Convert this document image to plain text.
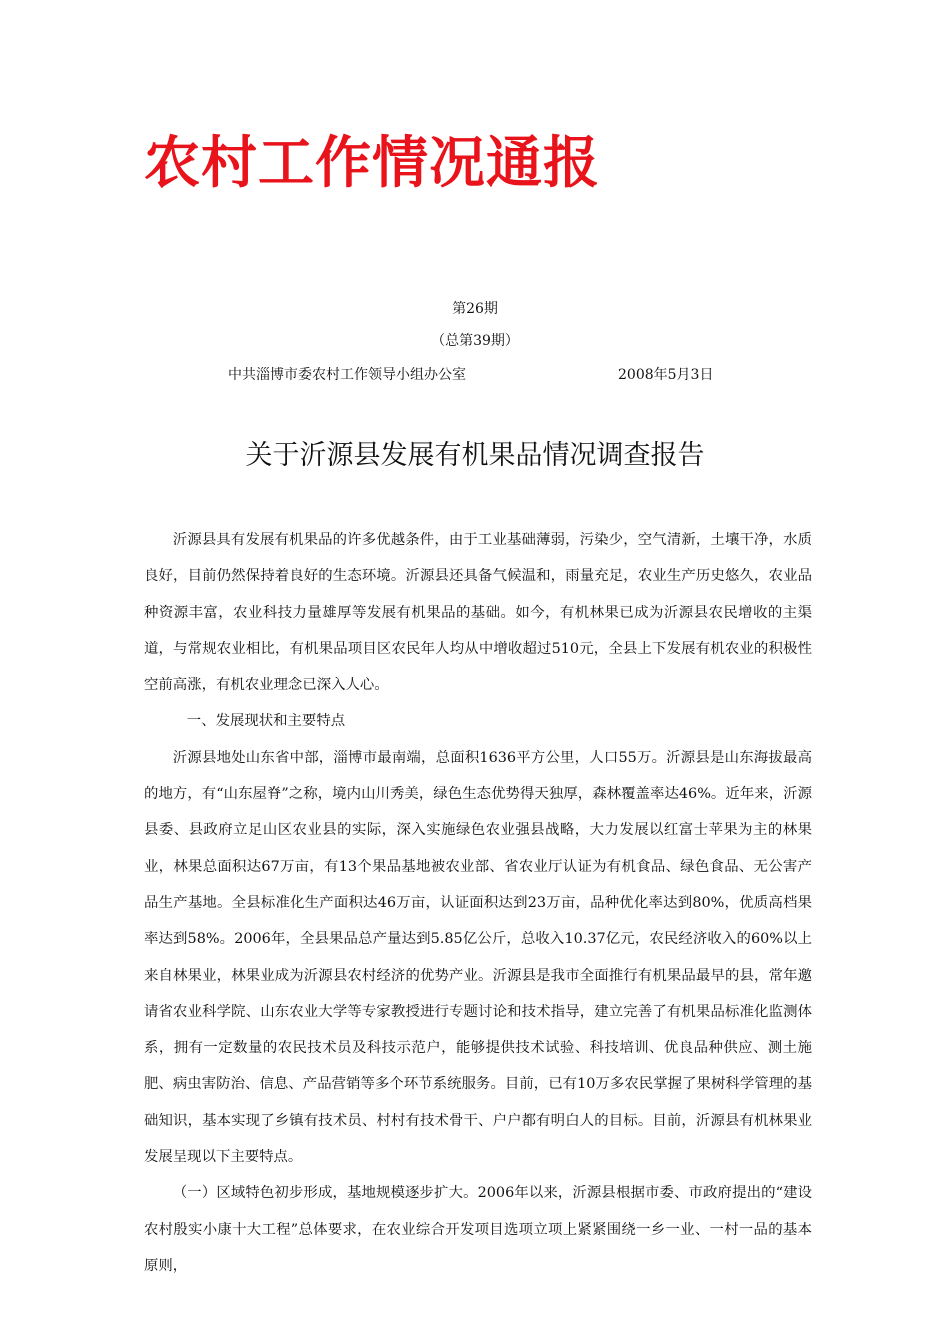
农村工作情况通报
第26期
（总第39期）
中共淄博市委农村工作领导小组办公室	2008年5月3日
关于沂源县发展有机果品情况调查报告

沂源县具有发展有机果品的许多优越条件，由于工业基础薄弱，污染少，空气清新，土壤干净，水质良好，目前仍然保持着良好的生态环境。沂源县还具备气候温和，雨量充足，农业生产历史悠久，农业品种资源丰富，农业科技力量雄厚等发展有机果品的基础。如今，有机林果已成为沂源县农民增收的主渠道，与常规农业相比，有机果品项目区农民年人均从中增收超过510元，全县上下发展有机农业的积极性空前高涨，有机农业理念已深入人心。

一、发展现状和主要特点

沂源县地处山东省中部，淄博市最南端，总面积1636平方公里，人口55万。沂源县是山东海拔最高的地方，有“山东屋脊”之称，境内山川秀美，绿色生态优势得天独厚，森林覆盖率达46%。近年来，沂源县委、县政府立足山区农业县的实际，深入实施绿色农业强县战略，大力发展以红富士苹果为主的林果业，林果总面积达67万亩，有13个果品基地被农业部、省农业厅认证为有机食品、绿色食品、无公害产品生产基地。全县标准化生产面积达46万亩，认证面积达到23万亩，品种优化率达到80%，优质高档果率达到58%。2006年，全县果品总产量达到5.85亿公斤，总收入10.37亿元，农民经济收入的60%以上来自林果业，林果业成为沂源县农村经济的优势产业。沂源县是我市全面推行有机果品最早的县，常年邀请省农业科学院、山东农业大学等专家教授进行专题讨论和技术指导，建立完善了有机果品标准化监测体系，拥有一定数量的农民技术员及科技示范户，能够提供技术试验、科技培训、优良品种供应、测土施肥、病虫害防治、信息、产品营销等多个环节系统服务。目前，已有10万多农民掌握了果树科学管理的基础知识，基本实现了乡镇有技术员、村村有技术骨干、户户都有明白人的目标。目前，沂源县有机林果业发展呈现以下主要特点。

（一）区域特色初步形成，基地规模逐步扩大。2006年以来，沂源县根据市委、市政府提出的“建设农村殷实小康十大工程”总体要求，在农业综合开发项目选项立项上紧紧围绕一乡一业、一村一品的基本原则，
